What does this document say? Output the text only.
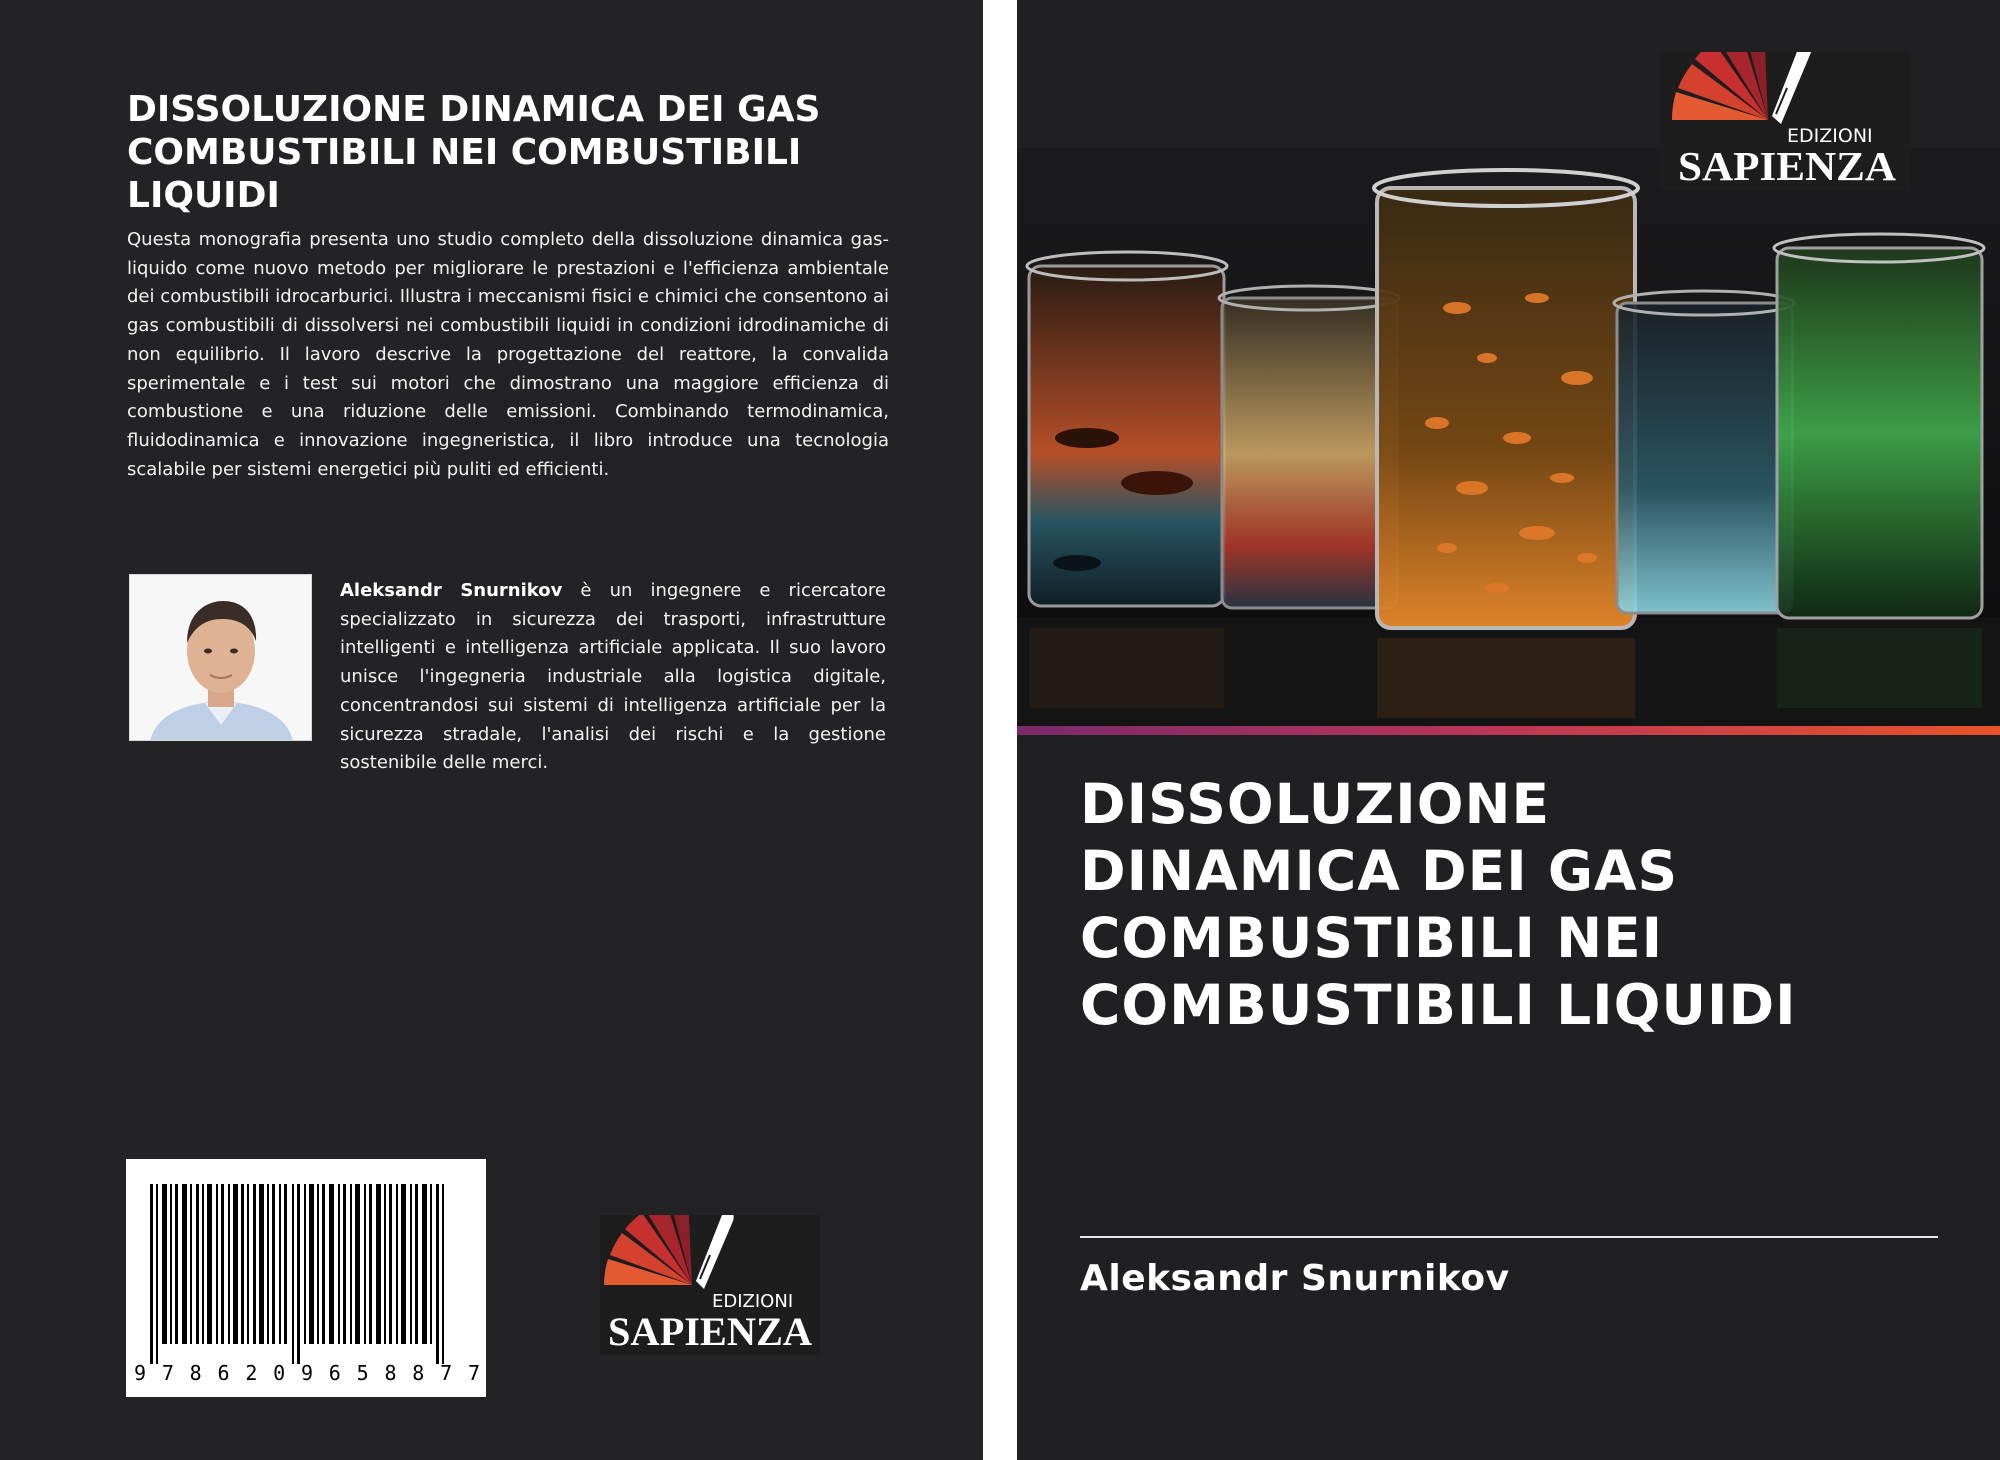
DISSOLUZIONE DINAMICA DEI GAS COMBUSTIBILI NEI COMBUSTIBILI LIQUIDI
Questa monografia presenta uno studio completo della dissoluzione dinamica gas-liquido come nuovo metodo per migliorare le prestazioni e l'efficienza ambientale dei combustibili idrocarburici. Illustra i meccanismi fisici e chimici che consentono ai gas combustibili di dissolversi nei combustibili liquidi in condizioni idrodinamiche di non equilibrio. Il lavoro descrive la progettazione del reattore, la convalida sperimentale e i test sui motori che dimostrano una maggiore efficienza di combustione e una riduzione delle emissioni. Combinando termodinamica, fluidodinamica e innovazione ingegneristica, il libro introduce una tecnologia scalabile per sistemi energetici più puliti ed efficienti.
Aleksandr Snurnikov è un ingegnere e ricercatore specializzato in sicurezza dei trasporti, infrastrutture intelligenti e intelligenza artificiale applicata. Il suo lavoro unisce l'ingegneria industriale alla logistica digitale, concentrandosi sui sistemi di intelligenza artificiale per la sicurezza stradale, l'analisi dei rischi e la gestione sostenibile delle merci.
9 7 8 6 2 0 9 6 5 8 8 7 7
EDIZIONI
SAPIENZA
EDIZIONI
SAPIENZA
DISSOLUZIONE
DINAMICA DEI GAS
COMBUSTIBILI NEI
COMBUSTIBILI LIQUIDI
Aleksandr Snurnikov
